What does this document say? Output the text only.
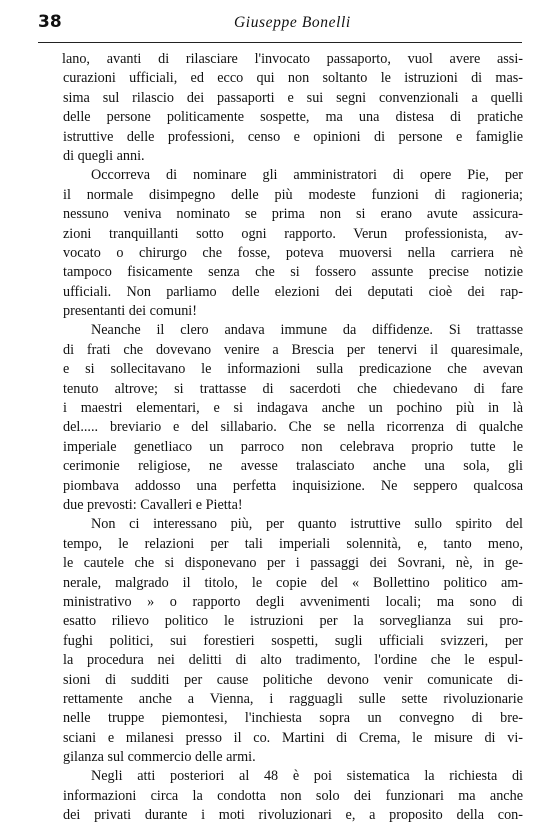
38	Giuseppe Bonelli
lano, avanti di rilasciare l'invocato passaporto, vuol avere assi-
curazioni ufficiali, ed ecco qui non soltanto le istruzioni di mas-
sima sul rilascio dei passaporti e sui segni convenzionali a quelli
delle persone politicamente sospette, ma una distesa di pratiche
istruttive delle professioni, censo e opinioni di persone e famiglie
di quegli anni.
Occorreva di nominare gli amministratori di opere Pie, per
il normale disimpegno delle più modeste funzioni di ragioneria;
nessuno veniva nominato se prima non si erano avute assicura-
zioni tranquillanti sotto ogni rapporto. Verun professionista, av-
vocato o chirurgo che fosse, poteva muoversi nella carriera nè
tampoco fisicamente senza che si fossero assunte precise notizie
ufficiali. Non parliamo delle elezioni dei deputati cioè dei rap-
presentanti dei comuni!
Neanche il clero andava immune da diffidenze. Si trattasse
di frati che dovevano venire a Brescia per tenervi il quaresimale,
e si sollecitavano le informazioni sulla predicazione che avevan
tenuto altrove; si trattasse di sacerdoti che chiedevano di fare
i maestri elementari, e si indagava anche un pochino più in là
del..... breviario e del sillabario. Che se nella ricorrenza di qualche
imperiale genetliaco un parroco non celebrava proprio tutte le
cerimonie religiose, ne avesse tralasciato anche una sola, gli
piombava addosso una perfetta inquisizione. Ne seppero qualcosa
due prevosti: Cavalleri e Pietta!
Non ci interessano più, per quanto istruttive sullo spirito del
tempo, le relazioni per tali imperiali solennità, e, tanto meno,
le cautele che si disponevano per i passaggi dei Sovrani, nè, in ge-
nerale, malgrado il titolo, le copie del « Bollettino politico am-
ministrativo » o rapporto degli avvenimenti locali; ma sono di
esatto rilievo politico le istruzioni per la sorveglianza sui pro-
fughi politici, sui forestieri sospetti, sugli ufficiali svizzeri, per
la procedura nei delitti di alto tradimento, l'ordine che le espul-
sioni di sudditi per cause politiche devono venir comunicate di-
rettamente anche a Vienna, i ragguagli sulle sette rivoluzionarie
nelle truppe piemontesi, l'inchiesta sopra un convegno di bre-
sciani e milanesi presso il co. Martini di Crema, le misure di vi-
gilanza sul commercio delle armi.
Negli atti posteriori al 48 è poi sistematica la richiesta di
informazioni circa la condotta non solo dei funzionari ma anche
dei privati durante i moti rivoluzionari e, a proposito della con-
